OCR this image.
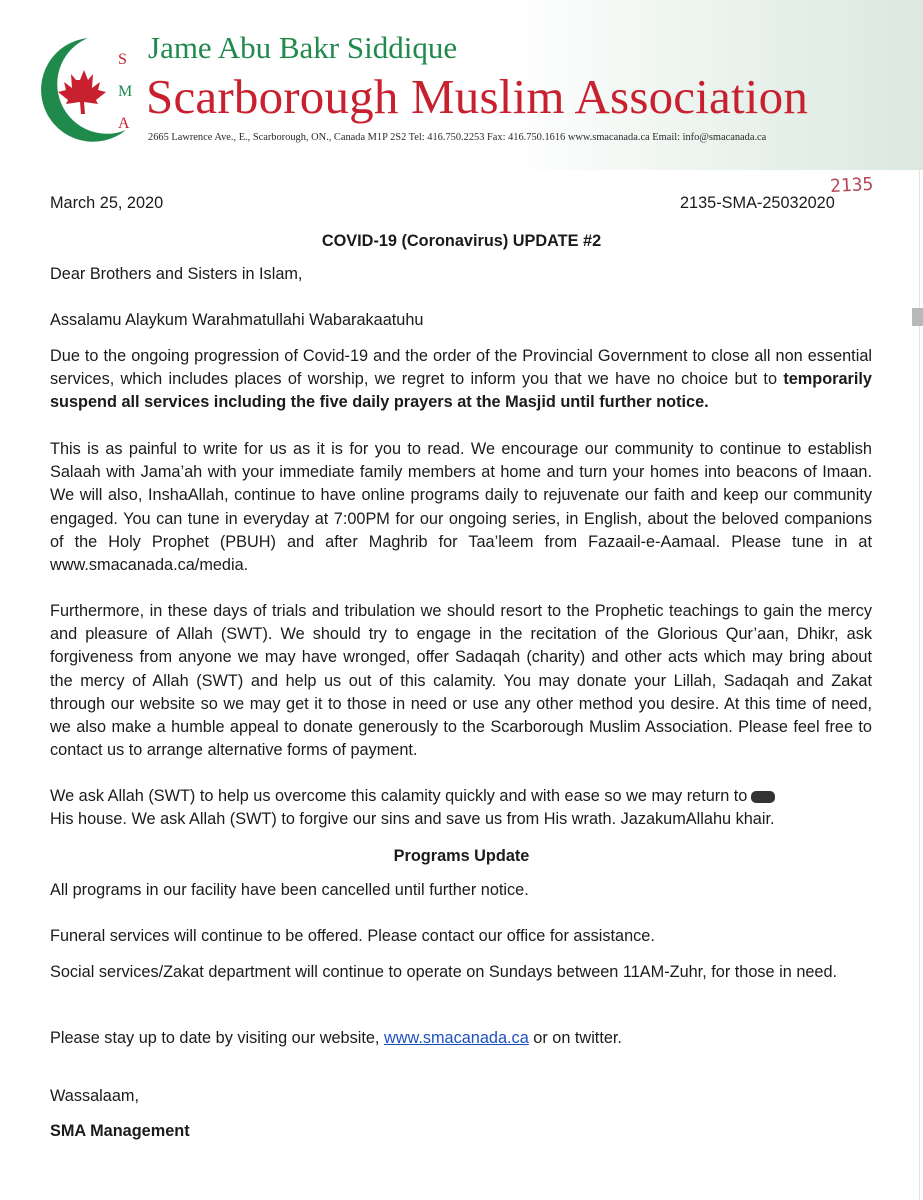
S
M
A
Jame Abu Bakr Siddique
Scarborough Muslim Association
2665 Lawrence Ave., E., Scarborough, ON., Canada M1P 2S2 Tel: 416.750.2253 Fax: 416.750.1616 www.smacanada.ca Email: info@smacanada.ca
2135
March 25, 2020	2135-SMA-25032020
COVID-19 (Coronavirus) UPDATE #2
Dear Brothers and Sisters in Islam,
Assalamu Alaykum Warahmatullahi Wabarakaatuhu
Due to the ongoing progression of Covid-19 and the order of the Provincial Government to close all non essential services, which includes places of worship, we regret to inform you that we have no choice but to temporarily suspend all services including the five daily prayers at the Masjid until further notice.
This is as painful to write for us as it is for you to read. We encourage our community to continue to establish Salaah with Jama’ah with your immediate family members at home and turn your homes into beacons of Imaan. We will also, InshaAllah, continue to have online programs daily to rejuvenate our faith and keep our community engaged. You can tune in everyday at 7:00PM for our ongoing series, in English, about the beloved companions of the Holy Prophet (PBUH) and after Maghrib for Taa’leem from Fazaail-e-Aamaal. Please tune in at www.smacanada.ca/media.
Furthermore, in these days of trials and tribulation we should resort to the Prophetic teachings to gain the mercy and pleasure of Allah (SWT). We should try to engage in the recitation of the Glorious Qur’aan, Dhikr, ask forgiveness from anyone we may have wronged, offer Sadaqah (charity) and other acts which may bring about the mercy of Allah (SWT) and help us out of this calamity. You may donate your Lillah, Sadaqah and Zakat through our website so we may get it to those in need or use any other method you desire. At this time of need, we also make a humble appeal to donate generously to the Scarborough Muslim Association. Please feel free to contact us to arrange alternative forms of payment.
We ask Allah (SWT) to help us overcome this calamity quickly and with ease so we may return to
His house. We ask Allah (SWT) to forgive our sins and save us from His wrath. JazakumAllahu khair.
Programs Update
All programs in our facility have been cancelled until further notice.
Funeral services will continue to be offered. Please contact our office for assistance.
Social services/Zakat department will continue to operate on Sundays between 11AM-Zuhr, for those in need.
Please stay up to date by visiting our website, www.smacanada.ca or on twitter.
Wassalaam,
SMA Management
